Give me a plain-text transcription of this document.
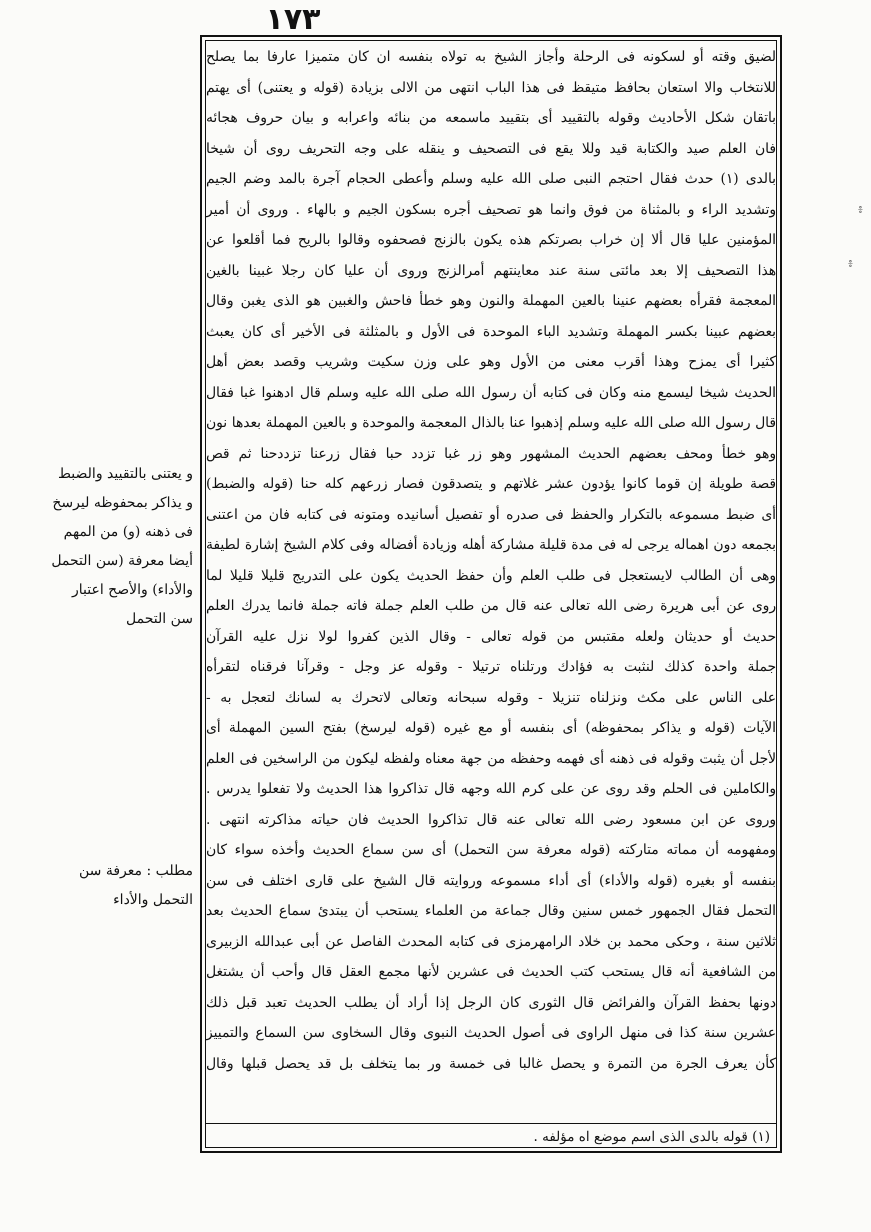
١٧٣
لضيق وقته أو لسكونه فى الرحلة وأجاز الشيخ به تولاه بنفسه ان كان متميزا عارفا بما يصلح
للانتخاب والا استعان بحافظ متيقظ فى هذا الباب انتهى من الالى بزيادة (قوله و يعتنى) أى يهتم
باتقان شكل الأحاديث وقوله بالتقييد أى بتقييد ماسمعه من بنائه واعرابه و بيان حروف هجائه
فان العلم صيد والكتابة قيد وللا يقع فى التصحيف و ينقله على وجه التحريف روى أن شيخا
بالدى (١) حدث فقال احتجم النبى صلى الله عليه وسلم وأعطى الحجام آجرة بالمد وضم الجيم
وتشديد الراء و بالمثناة من فوق وانما هو تصحيف أجره بسكون الجيم و بالهاء . وروى أن أمير
المؤمنين عليا قال ألا إن خراب بصرتكم هذه يكون بالزنج فصحفوه وقالوا بالريح فما أقلعوا عن
هذا التصحيف إلا بعد مائتى سنة عند معاينتهم أمرالزنج وروى أن عليا كان رجلا غبينا بالغين
المعجمة فقرأه بعضهم عنينا بالعين المهملة والنون وهو خطأ فاحش والغبين هو الذى يغبن وقال
بعضهم عبينا بكسر المهملة وتشديد الباء الموحدة فى الأول و بالمثلثة فى الأخير أى كان يعبث
كثيرا أى يمزح وهذا أقرب معنى من الأول وهو على وزن سكيت وشريب وقصد بعض أهل
الحديث شيخا ليسمع منه وكان فى كتابه أن رسول الله صلى الله عليه وسلم قال ادهنوا غبا فقال
قال رسول الله صلى الله عليه وسلم إذهبوا عنا بالذال المعجمة والموحدة و بالعين المهملة بعدها نون
وهو خطأ ومحف بعضهم الحديث المشهور وهو زر غبا تزدد حبا فقال زرعنا تزددحنا ثم قص
قصة طويلة إن قوما كانوا يؤدون عشر غلاتهم و يتصدقون فصار زرعهم كله حنا (قوله والضبط)
أى ضبط مسموعه بالتكرار والحفظ فى صدره أو تفصيل أسانيده ومتونه فى كتابه فان من اعتنى
بجمعه دون اهماله يرجى له فى مدة قليلة مشاركة أهله وزيادة أفضاله وفى كلام الشيخ إشارة لطيفة
وهى أن الطالب لايستعجل فى طلب العلم وأن حفظ الحديث يكون على التدريج قليلا قليلا لما
روى عن أبى هريرة رضى الله تعالى عنه قال من طلب العلم جملة فاته جملة فانما يدرك العلم
حديث أو حديثان ولعله مقتبس من قوله تعالى - وقال الذين كفروا لولا نزل عليه القرآن
جملة واحدة كذلك لنثبت به فؤادك ورتلناه ترتيلا - وقوله عز وجل - وقرآنا فرقناه لتقرأه
على الناس على مكث ونزلناه تنزيلا - وقوله سبحانه وتعالى لاتحرك به لسانك لتعجل به -
الآيات (قوله و يذاكر بمحفوظه) أى بنفسه أو مع غيره (قوله ليرسخ) بفتح السين المهملة أى
لأجل أن يثبت وقوله فى ذهنه أى فهمه وحفظه من جهة معناه ولفظه ليكون من الراسخين فى العلم
والكاملين فى الحلم وقد روى عن على كرم الله وجهه قال تذاكروا هذا الحديث ولا تفعلوا يدرس .
وروى عن ابن مسعود رضى الله تعالى عنه قال تذاكروا الحديث فان حياته مذاكرته انتهى .
ومفهومه أن مماته متاركته (قوله معرفة سن التحمل) أى سن سماع الحديث وأخذه سواء كان
بنفسه أو بغيره (قوله والأداء) أى أداء مسموعه وروايته قال الشيخ على قارى اختلف فى سن
التحمل فقال الجمهور خمس سنين وقال جماعة من العلماء يستحب أن يبتدئ سماع الحديث بعد
ثلاثين سنة ، وحكى محمد بن خلاد الرامهرمزى فى كتابه المحدث الفاصل عن أبى عبدالله الزبيرى
من الشافعية أنه قال يستحب كتب الحديث فى عشرين لأنها مجمع العقل قال وأحب أن يشتغل
دونها بحفظ القرآن والفرائض قال الثورى كان الرجل إذا أراد أن يطلب الحديث تعبد قبل ذلك
عشرين سنة كذا فى منهل الراوى فى أصول الحديث النبوى وقال السخاوى سن السماع والتمييز
كأن يعرف الجرة من التمرة و يحصل غالبا فى خمسة ور بما يتخلف بل قد يحصل قبلها وقال
(١) قوله بالدى الذى اسم موضع اه مؤلفه .
و يعتنى بالتقييد والضبط
و يذاكر بمحفوظه ليرسخ
فى ذهنه (و) من المهم
أيضا معرفة (سن التحمل
والأداء) والأصح اعتبار
سن التحمل
مطلب : معرفة سن
التحمل والأداء
៖
៖
